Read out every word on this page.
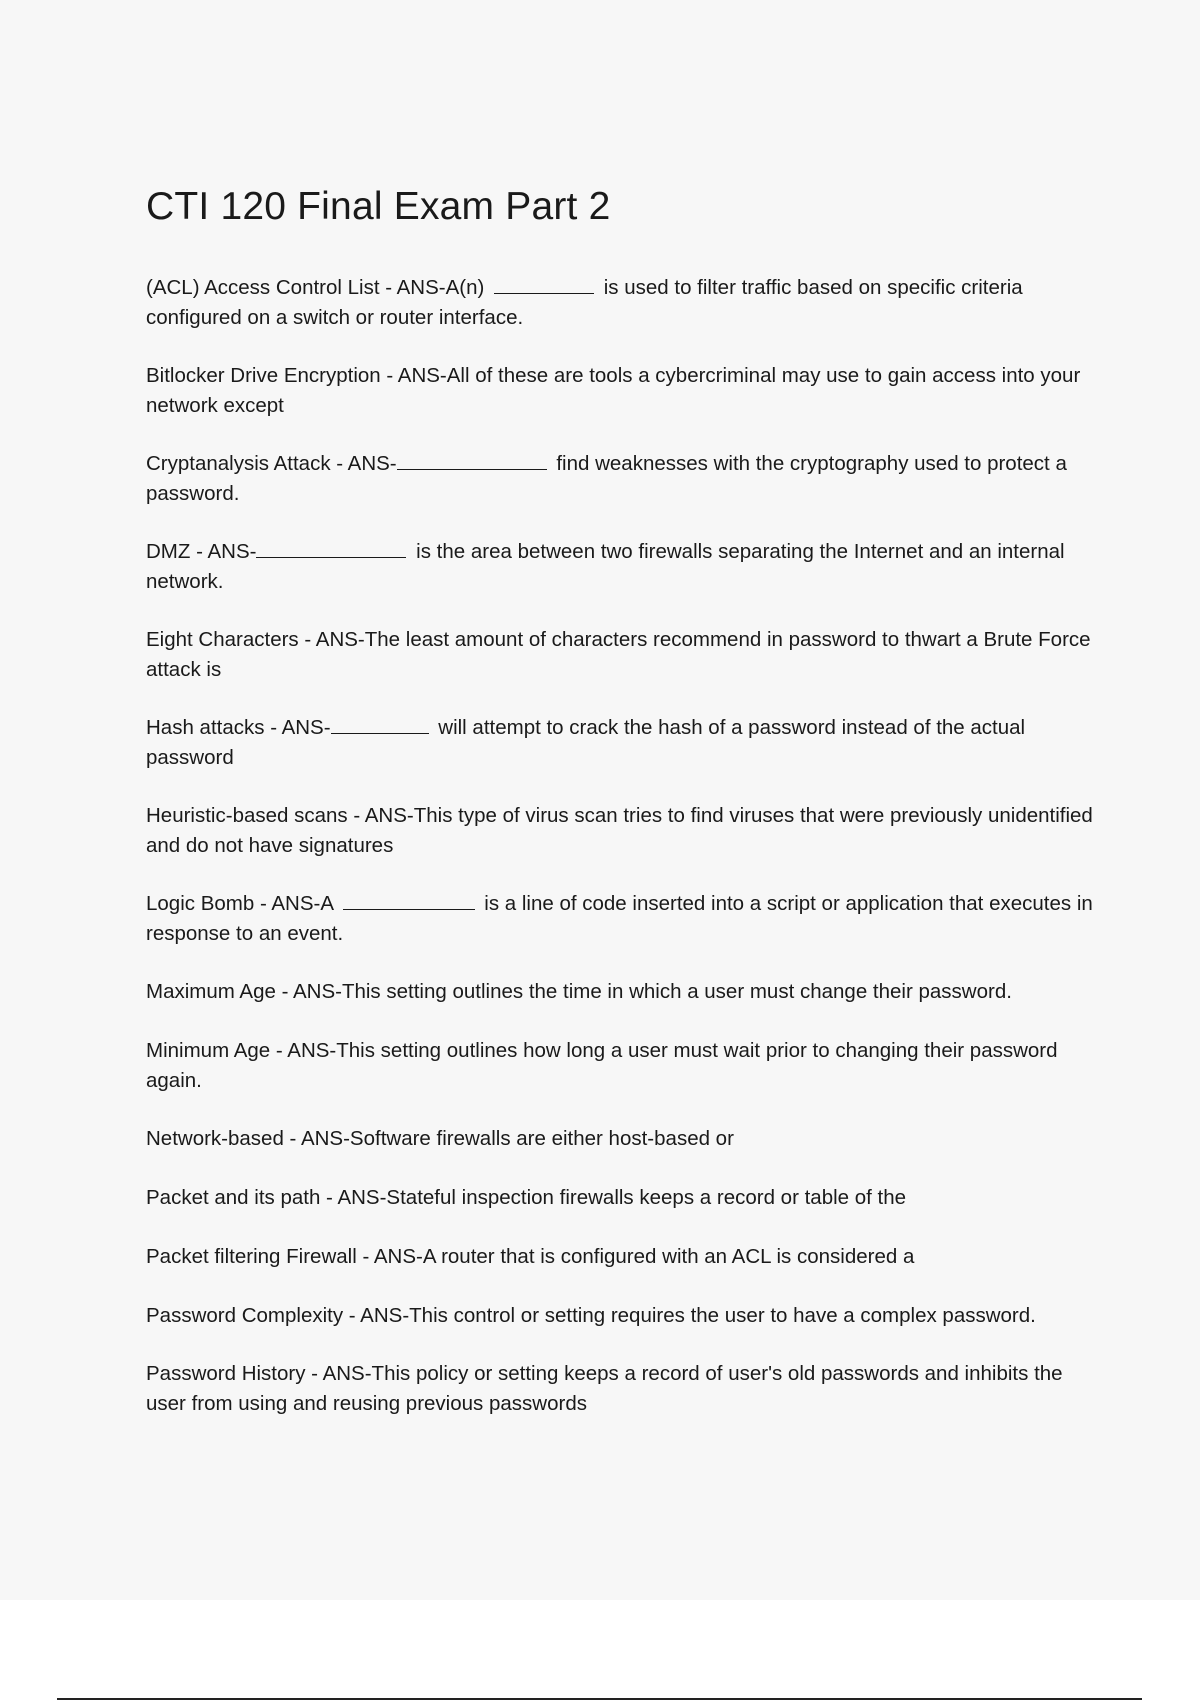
CTI 120 Final Exam Part 2

(ACL) Access Control List - ANS-A(n)	is used to filter traffic based on specific criteria configured on a switch or router interface.

Bitlocker Drive Encryption - ANS-All of these are tools a cybercriminal may use to gain access into your network except

Cryptanalysis Attack - ANS-	find weaknesses with the cryptography used to protect a password.

DMZ - ANS-	is the area between two firewalls separating the Internet and an internal network.

Eight Characters - ANS-The least amount of characters recommend in password to thwart a Brute Force attack is

Hash attacks - ANS-	will attempt to crack the hash of a password instead of the actual password

Heuristic-based scans - ANS-This type of virus scan tries to find viruses that were previously unidentified and do not have signatures

Logic Bomb - ANS-A	is a line of code inserted into a script or application that executes in response to an event.

Maximum Age - ANS-This setting outlines the time in which a user must change their password.

Minimum Age - ANS-This setting outlines how long a user must wait prior to changing their password again.

Network-based - ANS-Software firewalls are either host-based or

Packet and its path - ANS-Stateful inspection firewalls keeps a record or table of the

Packet filtering Firewall - ANS-A router that is configured with an ACL is considered a

Password Complexity - ANS-This control or setting requires the user to have a complex password.

Password History - ANS-This policy or setting keeps a record of user's old passwords and inhibits the user from using and reusing previous passwords
